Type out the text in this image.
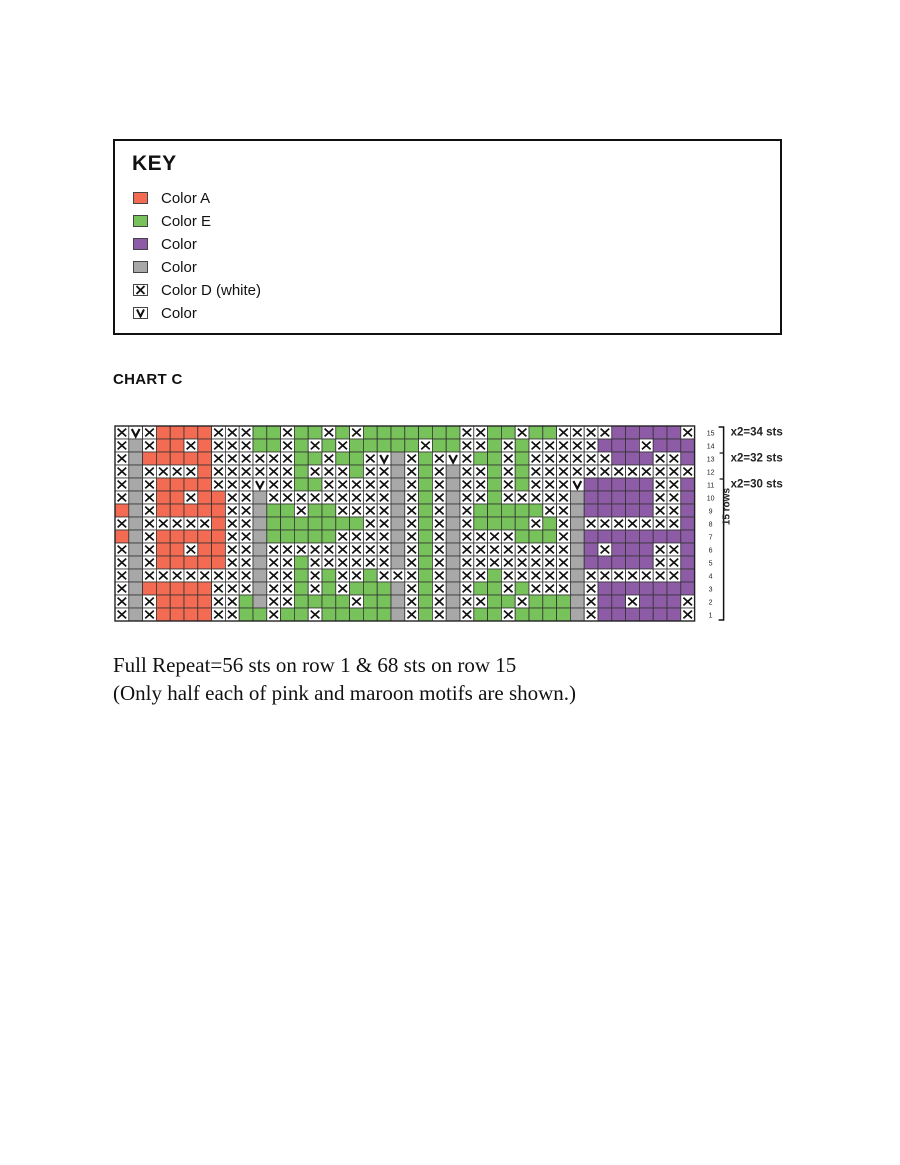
KEY
Color A
Color E
Color
Color
Color D (white)
Color
CHART C
15
14
13
12
11
10
9
8
7
6
5
4
3
2
1
x2=34 sts
x2=32 sts
x2=30 sts
15 rows
Full Repeat=56 sts on row 1 & 68 sts on row 15
(Only half each of pink and maroon motifs are shown.)
